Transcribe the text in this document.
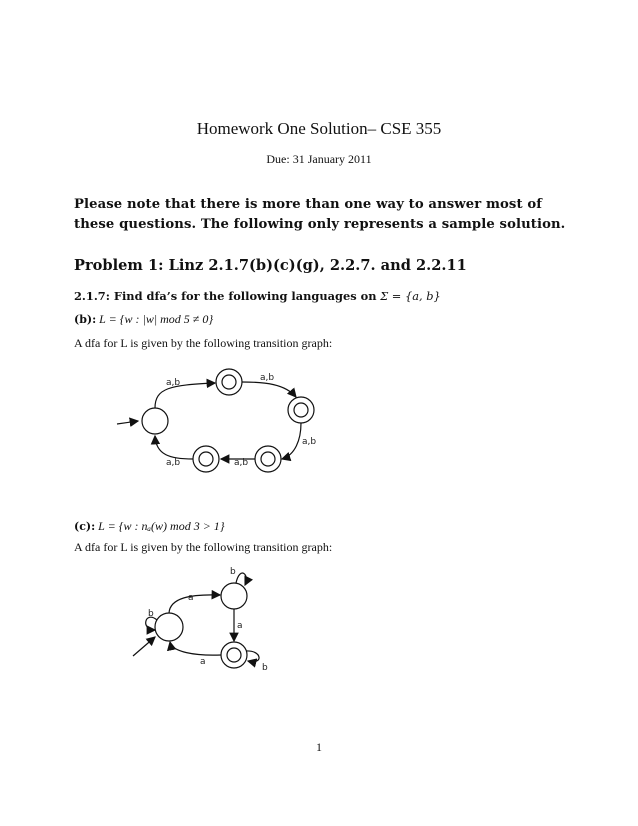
Homework One Solution– CSE 355
Due: 31 January 2011
Please note that there is more than one way to answer most of these questions. The following only represents a sample solution.
Problem 1: Linz 2.1.7(b)(c)(g), 2.2.7. and 2.2.11
2.1.7: Find dfa’s for the following languages on Σ = {a, b}
(b): L = {w : |w| mod 5 ≠ 0}
A dfa for L is given by the following transition graph:
a,b	a,b
a,b
a,b
a,b
(c): L = {w : nₐ(w) mod 3 > 1}
A dfa for L is given by the following transition graph:
a
a
a
b
b
b
1
